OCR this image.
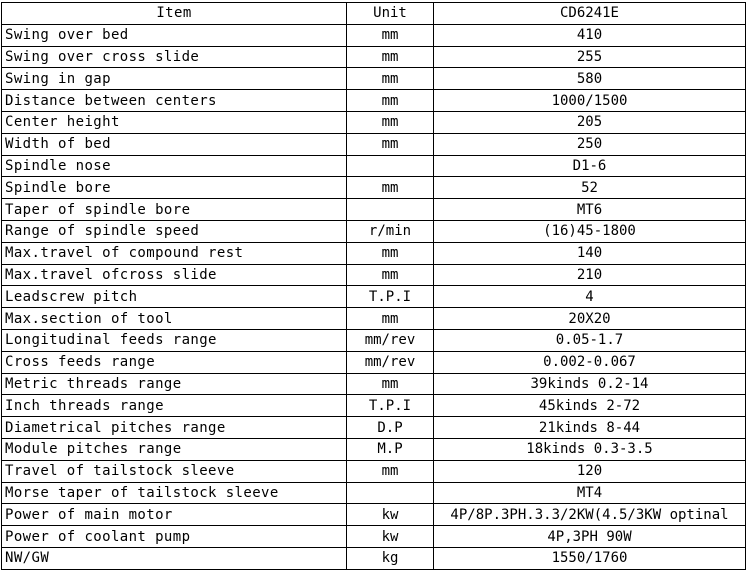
Item	Unit	CD6241E
Swing over bed	mm	410
Swing over cross slide	mm	255
Swing in gap	mm	580
Distance between centers	mm	1000/1500
Center height	mm	205
Width of bed	mm	250
Spindle nose		D1-6
Spindle bore	mm	52
Taper of spindle bore		MT6
Range of spindle speed	r/min	(16)45-1800
Max.travel of compound rest	mm	140
Max.travel ofcross slide	mm	210
Leadscrew pitch	T.P.I	4
Max.section of tool	mm	20X20
Longitudinal feeds range	mm/rev	0.05-1.7
Cross feeds range	mm/rev	0.002-0.067
Metric threads range	mm	39kinds 0.2-14
Inch threads range	T.P.I	45kinds 2-72
Diametrical pitches range	D.P	21kinds 8-44
Module pitches range	M.P	18kinds 0.3-3.5
Travel of tailstock sleeve	mm	120
Morse taper of tailstock sleeve		MT4
Power of main motor	kw	4P/8P.3PH.3.3/2KW(4.5/3KW optinal
Power of coolant pump	kw	4P,3PH 90W
NW/GW	kg	1550/1760
